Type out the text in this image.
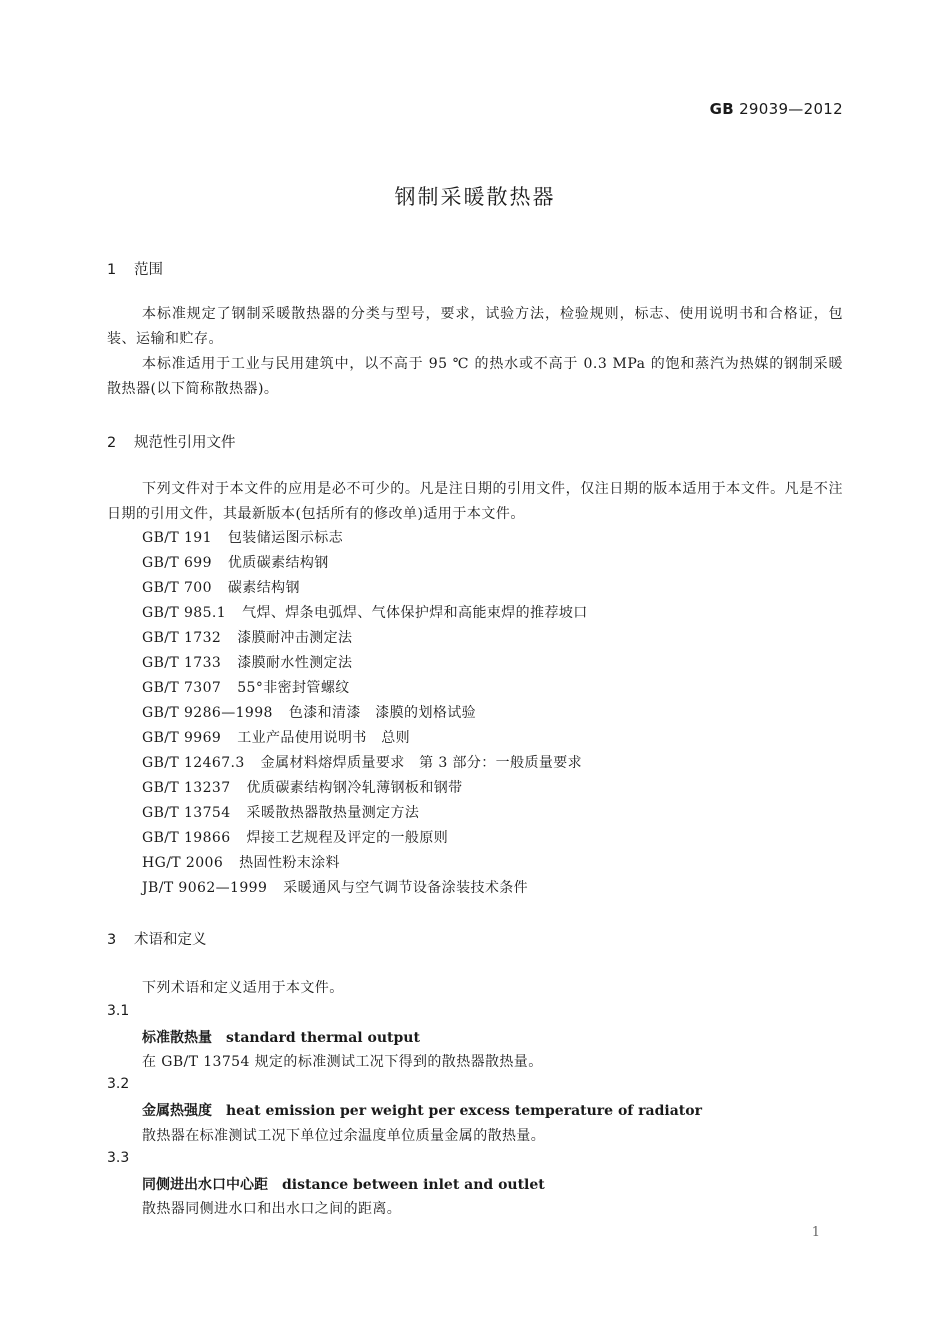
GB 29039—2012
钢制采暖散热器
1 范围

本标准规定了钢制采暖散热器的分类与型号，要求，试验方法，检验规则，标志、使用说明书和合格证，包装、运输和贮存。

本标准适用于工业与民用建筑中，以不高于 95 ℃ 的热水或不高于 0.3 MPa 的饱和蒸汽为热媒的钢制采暖散热器(以下简称散热器)。

2 规范性引用文件

下列文件对于本文件的应用是必不可少的。凡是注日期的引用文件，仅注日期的版本适用于本文件。凡是不注日期的引用文件，其最新版本(包括所有的修改单)适用于本文件。

GB/T 191 包装储运图示标志
GB/T 699 优质碳素结构钢
GB/T 700 碳素结构钢
GB/T 985.1 气焊、焊条电弧焊、气体保护焊和高能束焊的推荐坡口
GB/T 1732 漆膜耐冲击测定法
GB/T 1733 漆膜耐水性测定法
GB/T 7307 55°非密封管螺纹
GB/T 9286—1998 色漆和清漆　漆膜的划格试验
GB/T 9969 工业产品使用说明书　总则
GB/T 12467.3 金属材料熔焊质量要求　第 3 部分：一般质量要求
GB/T 13237 优质碳素结构钢冷轧薄钢板和钢带
GB/T 13754 采暖散热器散热量测定方法
GB/T 19866 焊接工艺规程及评定的一般原则
HG/T 2006 热固性粉末涂料
JB/T 9062—1999 采暖通风与空气调节设备涂装技术条件
3 术语和定义
下列术语和定义适用于本文件。
3.1
标准散热量 standard thermal output
在 GB/T 13754 规定的标准测试工况下得到的散热器散热量。
3.2
金属热强度 heat emission per weight per excess temperature of radiator
散热器在标准测试工况下单位过余温度单位质量金属的散热量。
3.3
同侧进出水口中心距 distance between inlet and outlet
散热器同侧进水口和出水口之间的距离。
1
